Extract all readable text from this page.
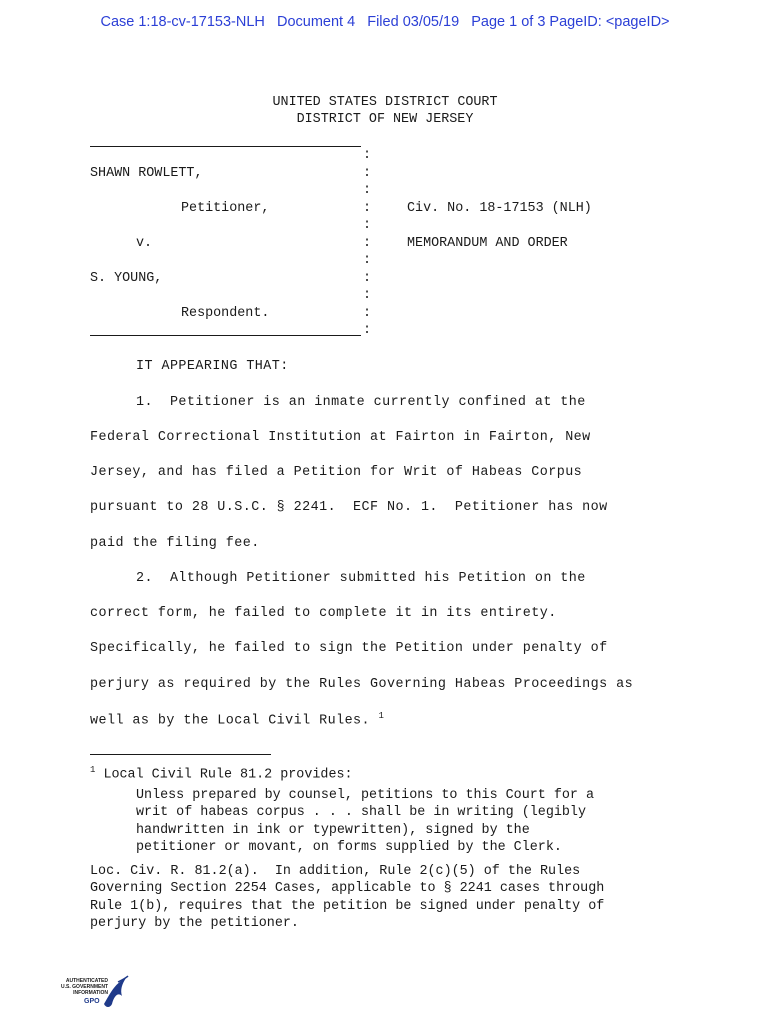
Case 1:18-cv-17153-NLH   Document 4   Filed 03/05/19   Page 1 of 3 PageID: <pageID>
UNITED STATES DISTRICT COURT
DISTRICT OF NEW JERSEY
:
:
:
:
:
:
:
:
:
:
:
SHAWN ROWLETT,
Petitioner,
v.
S. YOUNG,
Respondent.
Civ. No. 18-17153 (NLH)
MEMORANDUM AND ORDER
IT APPEARING THAT:
1.  Petitioner is an inmate currently confined at the
Federal Correctional Institution at Fairton in Fairton, New
Jersey, and has filed a Petition for Writ of Habeas Corpus
pursuant to 28 U.S.C. § 2241.  ECF No. 1.  Petitioner has now
paid the filing fee.
2.  Although Petitioner submitted his Petition on the
correct form, he failed to complete it in its entirety.
Specifically, he failed to sign the Petition under penalty of
perjury as required by the Rules Governing Habeas Proceedings as
well as by the Local Civil Rules. $^1$
$^1$ Local Civil Rule 81.2 provides:
Unless prepared by counsel, petitions to this Court for a
writ of habeas corpus . . . shall be in writing (legibly
handwritten in ink or typewritten), signed by the
petitioner or movant, on forms supplied by the Clerk.
Loc. Civ. R. 81.2(a).  In addition, Rule 2(c)(5) of the Rules
Governing Section 2254 Cases, applicable to § 2241 cases through
Rule 1(b), requires that the petition be signed under penalty of
perjury by the petitioner.
AUTHENTICATED
U.S. GOVERNMENT
INFORMATION
GPO
